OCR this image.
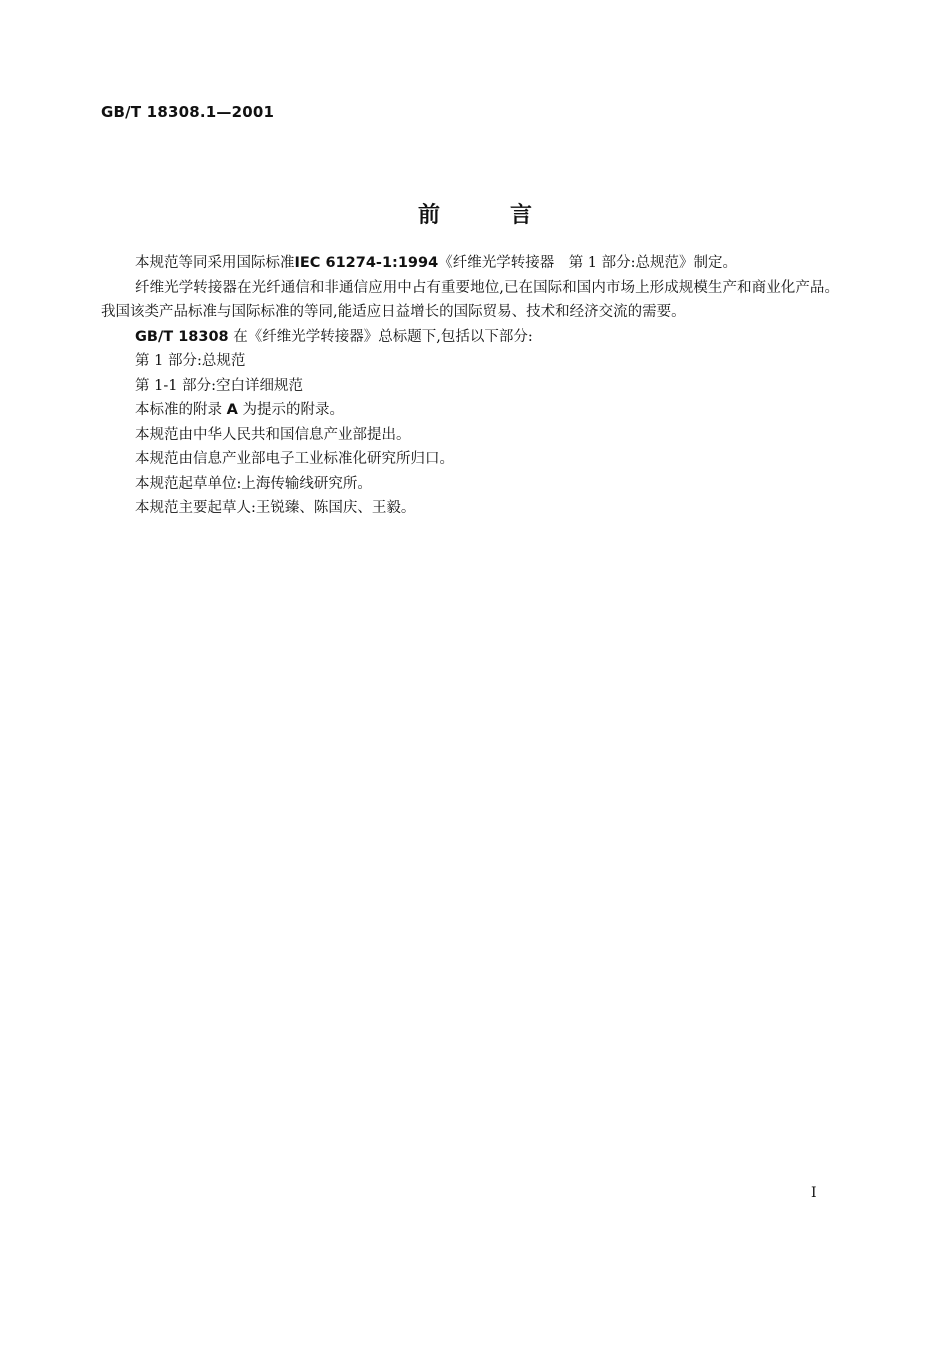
GB/T 18308.1—2001
前言

本规范等同采用国际标准IEC 61274-1:1994《纤维光学转接器　第 1 部分:总规范》制定。

纤维光学转接器在光纤通信和非通信应用中占有重要地位,已在国际和国内市场上形成规模生产和商业化产品。我国该类产品标准与国际标准的等同,能适应日益增长的国际贸易、技术和经济交流的需要。

GB/T 18308 在《纤维光学转接器》总标题下,包括以下部分:

第 1 部分:总规范

第 1-1 部分:空白详细规范

本标准的附录 A 为提示的附录。

本规范由中华人民共和国信息产业部提出。

本规范由信息产业部电子工业标准化研究所归口。

本规范起草单位:上海传输线研究所。

本规范主要起草人:王锐臻、陈国庆、王毅。

I
